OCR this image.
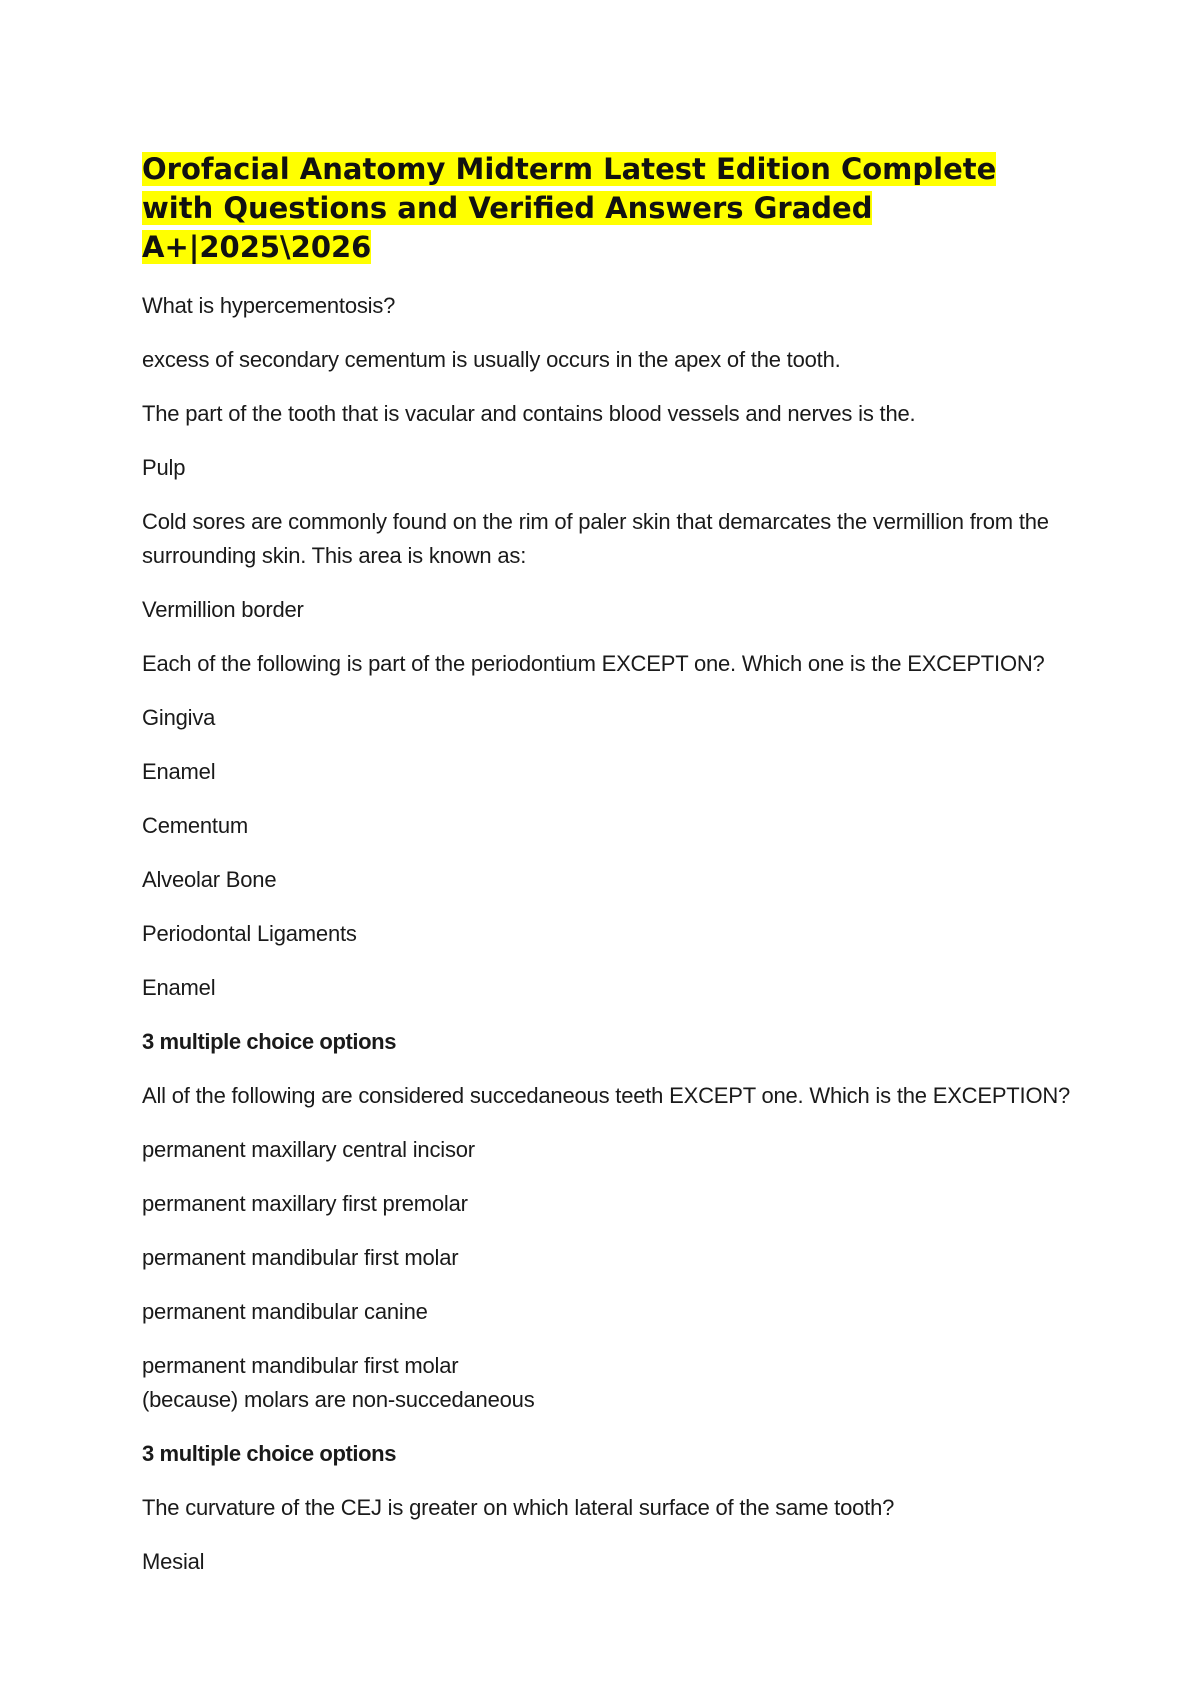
Orofacial Anatomy Midterm Latest Edition Complete with Questions and Verified Answers Graded A+|2025\2026

What is hypercementosis?

excess of secondary cementum is usually occurs in the apex of the tooth.

The part of the tooth that is vacular and contains blood vessels and nerves is the.

Pulp

Cold sores are commonly found on the rim of paler skin that demarcates the vermillion from the surrounding skin. This area is known as:

Vermillion border

Each of the following is part of the periodontium EXCEPT one. Which one is the EXCEPTION?

Gingiva

Enamel

Cementum

Alveolar Bone

Periodontal Ligaments

Enamel

3 multiple choice options

All of the following are considered succedaneous teeth EXCEPT one. Which is the EXCEPTION?

permanent maxillary central incisor

permanent maxillary first premolar

permanent mandibular first molar

permanent mandibular canine

permanent mandibular first molar

(because) molars are non-succedaneous

3 multiple choice options

The curvature of the CEJ is greater on which lateral surface of the same tooth?

Mesial
